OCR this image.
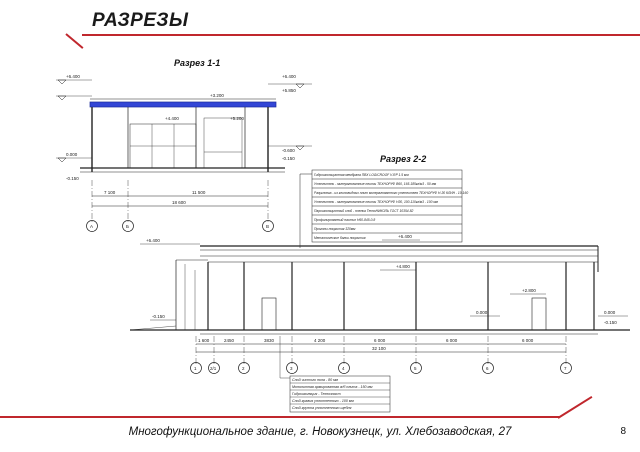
РАЗРЕЗЫ
Разрез 1-1
Разрез 2-2
+6.400	+6.400
+5.850
+3.200
+4.400	+5.200
0.000
-0.150
-0.600
-0.150
7 100	11 500
18 600
А	Б	В
Гидроизоляционная мембрана ПВХ LOGICROOF V-RP 1.5 мм
Утеплитель - минераловатные плиты ТЕХНОРУФ В60, 165-185кг/м3 - 50 мм
Разуклонка - из клиновидных плит минераловатного утеплителя ТЕХНОРУФ Н-30 КЛИН - 10-160
Утеплитель - минераловатные плиты ТЕХНОРУФ Н30, 100-110кг/м3 - 100 мм
Пароизоляционный слой - пленка ТехноНИКОЛЬ ГОСТ 10354-82
Профилированный настил Н60-845-0.8
Прогоны покрытия 320мм
Металлические балки покрытия
+6.400
+6.400
+4.800
+2.800
0.000	0.000
-0.150
-0.150
1 600	2450	3830	4 200	6 000	6 000	6 000
32 100
1	2/1	2	3	4	5	6	7
Слой чистого пола - 80 мм
Монолитная армированная ж/б плита - 150 мм
Гидроизоляция - Техноэласт
Слой гравия уплотненного - 100 мм
Слой грунта уплотненного щебня
Многофункциональное здание, г. Новокузнецк, ул. Хлебозаводская, 27	8
